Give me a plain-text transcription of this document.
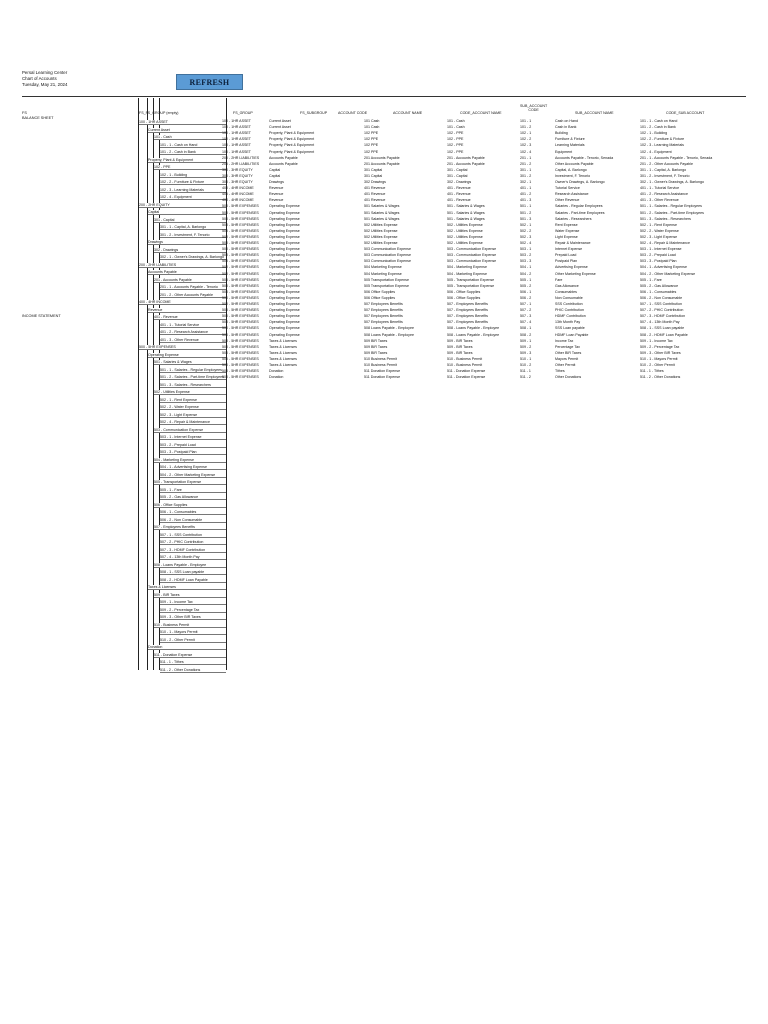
Persal Learning Center
Chart of Accounts
Tuesday, May 21, 2024	REFRESH
FS
BALANCE SHEET
INCOME STATEMENT
FS_FS_GROUP (empty)	FS_GROUP	FS_SUBGROUP	ACCOUNT CODE	ACCOUNT NAME	CODE_ACCOUNT NAME	SUB_ACCOUNT NAME	CODE_SUB ACCOUNT
SUB_ACCOUNT
CODE
100 - 1HR ASSET
Current Asset
101 - Cash
101 - 1 - Cash on Hand
101 - 2 - Cash in Bank
Property, Plant & Equipment
102 - PPE
102 - 1 - Building
102 - 2 - Furniture & Fixture
102 - 3 - Learning Materials
102 - 4 - Equipment
200 - 2HR EQUITY
Capital
301 - Capital
301 - 1 - Capital, A. Barlongo
301 - 2 - Investment, F. Tenorio
Drawings
302 - Drawings
302 - 1 - Owner's Drawings, A. Barlongo
200 - 2HR LIABILITIES
Accounts Payable
201 - Accounts Payable
201 - 1 - Accounts Payable - Tenorio
201 - 2 - Other Accounts Payable
400 - 4HR INCOME
Revenue
401 - Revenue
401 - 1 - Tutorial Service
401 - 2 - Research Assistance
401 - 3 - Other Revenue
500 - 5HR EXPENSES
Operating Expense
501 - Salaries & Wages
501 - 1 - Salaries - Regular Employees
501 - 2 - Salaries - Part-time Employees
501 - 3 - Salaries - Researchers
502 - Utilities Expense
502 - 1 - Rent Expense
502 - 2 - Water Expense
502 - 3 - Light Expense
502 - 4 - Repair & Maintenance
503 - Communication Expense
503 - 1 - Internet Expense
503 - 2 - Prepaid Load
503 - 3 - Postpaid Plan
504 - Marketing Expense
504 - 1 - Advertising Expense
504 - 2 - Other Marketing Expense
505 - Transportation Expense
505 - 1 - Fare
505 - 2 - Gas Allowance
506 - Office Supplies
506 - 1 - Consumables
506 - 2 - Non Consumable
507 - Employees Benefits
507 - 1 - SSS Contribution
507 - 2 - PHIC Contribution
507 - 3 - HDMF Contribution
507 - 4 - 13th Month Pay
508 - Loans Payable - Employee
508 - 1 - SSS Loan payable
508 - 2 - HDMF Loan Payable
Taxes & Licenses
509 - BIR Taxes
509 - 1 - Income Tax
509 - 2 - Percentage Tax
509 - 3 - Other BIR Taxes
510 - Business Permit
510 - 1 - Mayors Permit
510 - 2 - Other Permit
Donation
511 - Donation Expense
511 - 1 - Tithes
511 - 2 - Other Donations
100 - 1HR ASSET	Current Asset	101 Cash	101 - Cash	101 - 1	Cash on Hand	101 - 1 - Cash on Hand
100 - 1HR ASSET	Current Asset	101 Cash	101 - Cash	101 - 2	Cash in Bank	101 - 2 - Cash in Bank
100 - 1HR ASSET	Property, Plant & Equipment	102 PPE	102 - PPE	102 - 1	Building	102 - 1 - Building
100 - 1HR ASSET	Property, Plant & Equipment	102 PPE	102 - PPE	102 - 2	Furniture & Fixture	102 - 2 - Furniture & Fixture
100 - 1HR ASSET	Property, Plant & Equipment	102 PPE	102 - PPE	102 - 3	Learning Materials	102 - 3 - Learning Materials
100 - 1HR ASSET	Property, Plant & Equipment	102 PPE	102 - PPE	102 - 4	Equipment	102 - 4 - Equipment
200 - 2HR LIABILITIES	Accounts Payable	201 Accounts Payable	201 - Accounts Payable	201 - 1	Accounts Payable - Tenorio, Senada	201 - 1 - Accounts Payable - Tenorio, Senada
200 - 2HR LIABILITIES	Accounts Payable	201 Accounts Payable	201 - Accounts Payable	201 - 2	Other Accounts Payable	201 - 2 - Other Accounts Payable
300 - 3HR EQUITY	Capital	301 Capital	301 - Capital	301 - 1	Capital, A. Barlongo	301 - 1 - Capital, A. Barlongo
300 - 3HR EQUITY	Capital	301 Capital	301 - Capital	301 - 2	Investment, F. Tenorio	301 - 2 - Investment, F. Tenorio
300 - 3HR EQUITY	Drawings	302 Drawings	302 - Drawings	302 - 1	Owner's Drawings, A. Barlongo	302 - 1 - Owner's Drawings, A. Barlongo
400 - 4HR INCOME	Revenue	401 Revenue	401 - Revenue	401 - 1	Tutorial Service	401 - 1 - Tutorial Service
400 - 4HR INCOME	Revenue	401 Revenue	401 - Revenue	401 - 2	Research Assistance	401 - 2 - Research Assistance
400 - 4HR INCOME	Revenue	401 Revenue	401 - Revenue	401 - 3	Other Revenue	401 - 3 - Other Revenue
500 - 5HR EXPENSES	Operating Expense	501 Salaries & Wages	501 - Salaries & Wages	501 - 1	Salaries - Regular Employees	501 - 1 - Salaries - Regular Employees
500 - 5HR EXPENSES	Operating Expense	501 Salaries & Wages	501 - Salaries & Wages	501 - 2	Salaries - Part-time Employees	501 - 2 - Salaries - Part-time Employees
500 - 5HR EXPENSES	Operating Expense	501 Salaries & Wages	501 - Salaries & Wages	501 - 3	Salaries - Researchers	501 - 3 - Salaries - Researchers
500 - 5HR EXPENSES	Operating Expense	502 Utilities Expense	502 - Utilities Expense	502 - 1	Rent Expense	502 - 1 - Rent Expense
500 - 5HR EXPENSES	Operating Expense	502 Utilities Expense	502 - Utilities Expense	502 - 2	Water Expense	502 - 2 - Water Expense
500 - 5HR EXPENSES	Operating Expense	502 Utilities Expense	502 - Utilities Expense	502 - 3	Light Expense	502 - 3 - Light Expense
500 - 5HR EXPENSES	Operating Expense	502 Utilities Expense	502 - Utilities Expense	502 - 4	Repair & Maintenance	502 - 4 - Repair & Maintenance
500 - 5HR EXPENSES	Operating Expense	503 Communication Expense	503 - Communication Expense	503 - 1	Internet Expense	503 - 1 - Internet Expense
500 - 5HR EXPENSES	Operating Expense	503 Communication Expense	503 - Communication Expense	503 - 2	Prepaid Load	503 - 2 - Prepaid Load
500 - 5HR EXPENSES	Operating Expense	503 Communication Expense	503 - Communication Expense	503 - 3	Postpaid Plan	503 - 3 - Postpaid Plan
500 - 5HR EXPENSES	Operating Expense	504 Marketing Expense	504 - Marketing Expense	504 - 1	Advertising Expense	504 - 1 - Advertising Expense
500 - 5HR EXPENSES	Operating Expense	504 Marketing Expense	504 - Marketing Expense	504 - 2	Other Marketing Expense	504 - 2 - Other Marketing Expense
500 - 5HR EXPENSES	Operating Expense	505 Transportation Expense	505 - Transportation Expense	505 - 1	Fare	505 - 1 - Fare
500 - 5HR EXPENSES	Operating Expense	505 Transportation Expense	505 - Transportation Expense	505 - 2	Gas Allowance	505 - 2 - Gas Allowance
500 - 5HR EXPENSES	Operating Expense	506 Office Supplies	506 - Office Supplies	506 - 1	Consumables	506 - 1 - Consumables
500 - 5HR EXPENSES	Operating Expense	506 Office Supplies	506 - Office Supplies	506 - 2	Non Consumable	506 - 2 - Non Consumable
500 - 5HR EXPENSES	Operating Expense	507 Employees Benefits	507 - Employees Benefits	507 - 1	SSS Contribution	507 - 1 - SSS Contribution
500 - 5HR EXPENSES	Operating Expense	507 Employees Benefits	507 - Employees Benefits	507 - 2	PHIC Contribution	507 - 2 - PHIC Contribution
500 - 5HR EXPENSES	Operating Expense	507 Employees Benefits	507 - Employees Benefits	507 - 3	HDMF Contribution	507 - 3 - HDMF Contribution
500 - 5HR EXPENSES	Operating Expense	507 Employees Benefits	507 - Employees Benefits	507 - 4	13th Month Pay	507 - 4 - 13th Month Pay
500 - 5HR EXPENSES	Operating Expense	508 Loans Payable - Employee	508 - Loans Payable - Employee	508 - 1	SSS Loan payable	508 - 1 - SSS Loan payable
500 - 5HR EXPENSES	Operating Expense	508 Loans Payable - Employee	508 - Loans Payable - Employee	508 - 2	HDMF Loan Payable	508 - 2 - HDMF Loan Payable
500 - 5HR EXPENSES	Taxes & Licenses	509 BIR Taxes	509 - BIR Taxes	509 - 1	Income Tax	509 - 1 - Income Tax
500 - 5HR EXPENSES	Taxes & Licenses	509 BIR Taxes	509 - BIR Taxes	509 - 2	Percentage Tax	509 - 2 - Percentage Tax
500 - 5HR EXPENSES	Taxes & Licenses	509 BIR Taxes	509 - BIR Taxes	509 - 3	Other BIR Taxes	509 - 3 - Other BIR Taxes
500 - 5HR EXPENSES	Taxes & Licenses	510 Business Permit	510 - Business Permit	510 - 1	Mayors Permit	510 - 1 - Mayors Permit
500 - 5HR EXPENSES	Taxes & Licenses	510 Business Permit	510 - Business Permit	510 - 2	Other Permit	510 - 2 - Other Permit
500 - 5HR EXPENSES	Donation	511 Donation Expense	511 - Donation Expense	511 - 1	Tithes	511 - 1 - Tithes
500 - 5HR EXPENSES	Donation	511 Donation Expense	511 - Donation Expense	511 - 2	Other Donations	511 - 2 - Other Donations
